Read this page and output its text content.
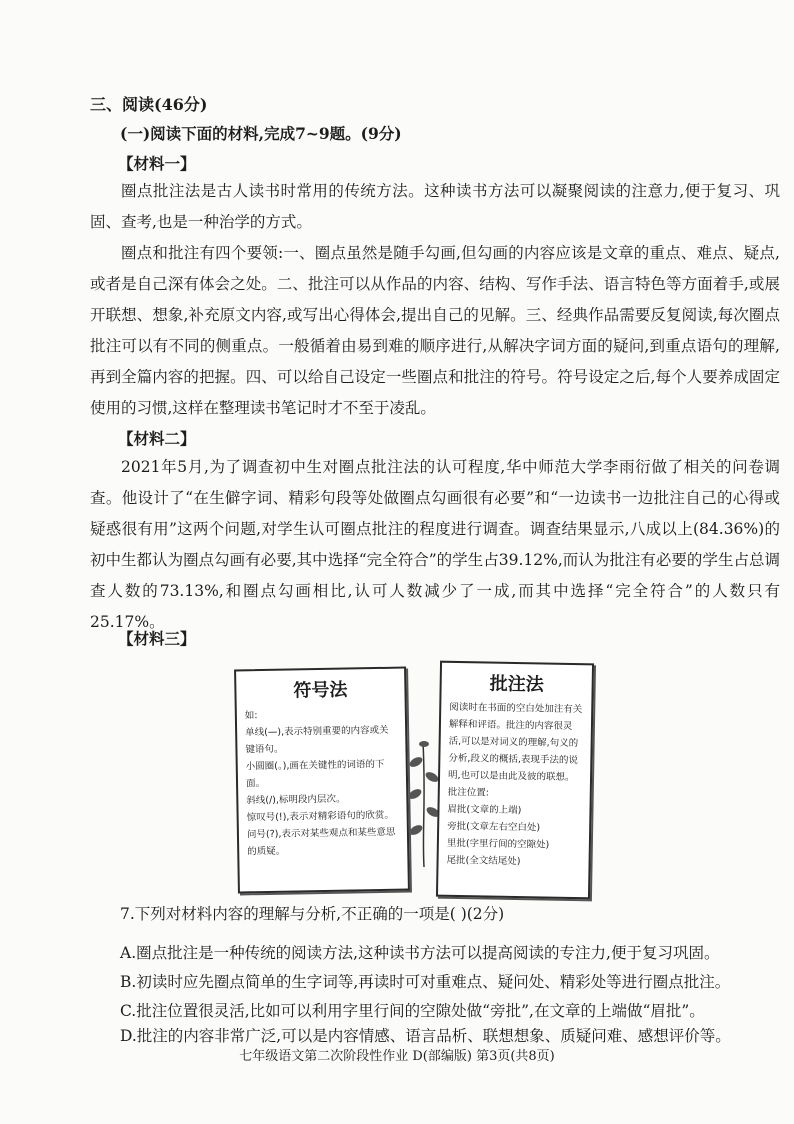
三、阅读(46分)
(一)阅读下面的材料,完成7~9题。(9分)
【材料一】

圈点批注法是古人读书时常用的传统方法。这种读书方法可以凝聚阅读的注意力,便于复习、巩固、查考,也是一种治学的方式。

圈点和批注有四个要领:一、圈点虽然是随手勾画,但勾画的内容应该是文章的重点、难点、疑点,或者是自己深有体会之处。二、批注可以从作品的内容、结构、写作手法、语言特色等方面着手,或展开联想、想象,补充原文内容,或写出心得体会,提出自己的见解。三、经典作品需要反复阅读,每次圈点批注可以有不同的侧重点。一般循着由易到难的顺序进行,从解决字词方面的疑问,到重点语句的理解,再到全篇内容的把握。四、可以给自己设定一些圈点和批注的符号。符号设定之后,每个人要养成固定使用的习惯,这样在整理读书笔记时才不至于凌乱。

【材料二】

2021年5月,为了调查初中生对圈点批注法的认可程度,华中师范大学李雨衍做了相关的问卷调查。他设计了“在生僻字词、精彩句段等处做圈点勾画很有必要”和“一边读书一边批注自己的心得或疑惑很有用”这两个问题,对学生认可圈点批注的程度进行调查。调查结果显示,八成以上(84.36%)的初中生都认为圈点勾画有必要,其中选择“完全符合”的学生占39.12%,而认为批注有必要的学生占总调查人数的73.13%,和圈点勾画相比,认可人数减少了一成,而其中选择“完全符合”的人数只有25.17%。

【材料三】
符号法
如:
单线(—),表示特别重要的内容或关键语句。
小圆圈(。),画在关键性的词语的下面。
斜线(/),标明段内层次。
惊叹号(!),表示对精彩语句的欣赏。
问号(?),表示对某些观点和某些意思的质疑。
批注法
阅读时在书面的空白处加注有关解释和评语。批注的内容很灵活,可以是对词义的理解,句义的分析,段义的概括,表现手法的说明,也可以是由此及彼的联想。
批注位置:
眉批(文章的上端)
旁批(文章左右空白处)
里批(字里行间的空隙处)
尾批(全文结尾处)
7.下列对材料内容的理解与分析,不正确的一项是( )(2分)
A.圈点批注是一种传统的阅读方法,这种读书方法可以提高阅读的专注力,便于复习巩固。
B.初读时应先圈点简单的生字词等,再读时可对重难点、疑问处、精彩处等进行圈点批注。
C.批注位置很灵活,比如可以利用字里行间的空隙处做“旁批”,在文章的上端做“眉批”。
D.批注的内容非常广泛,可以是内容情感、语言品析、联想想象、质疑问难、感想评价等。
七年级语文第二次阶段性作业 D(部编版) 第3页(共8页)
